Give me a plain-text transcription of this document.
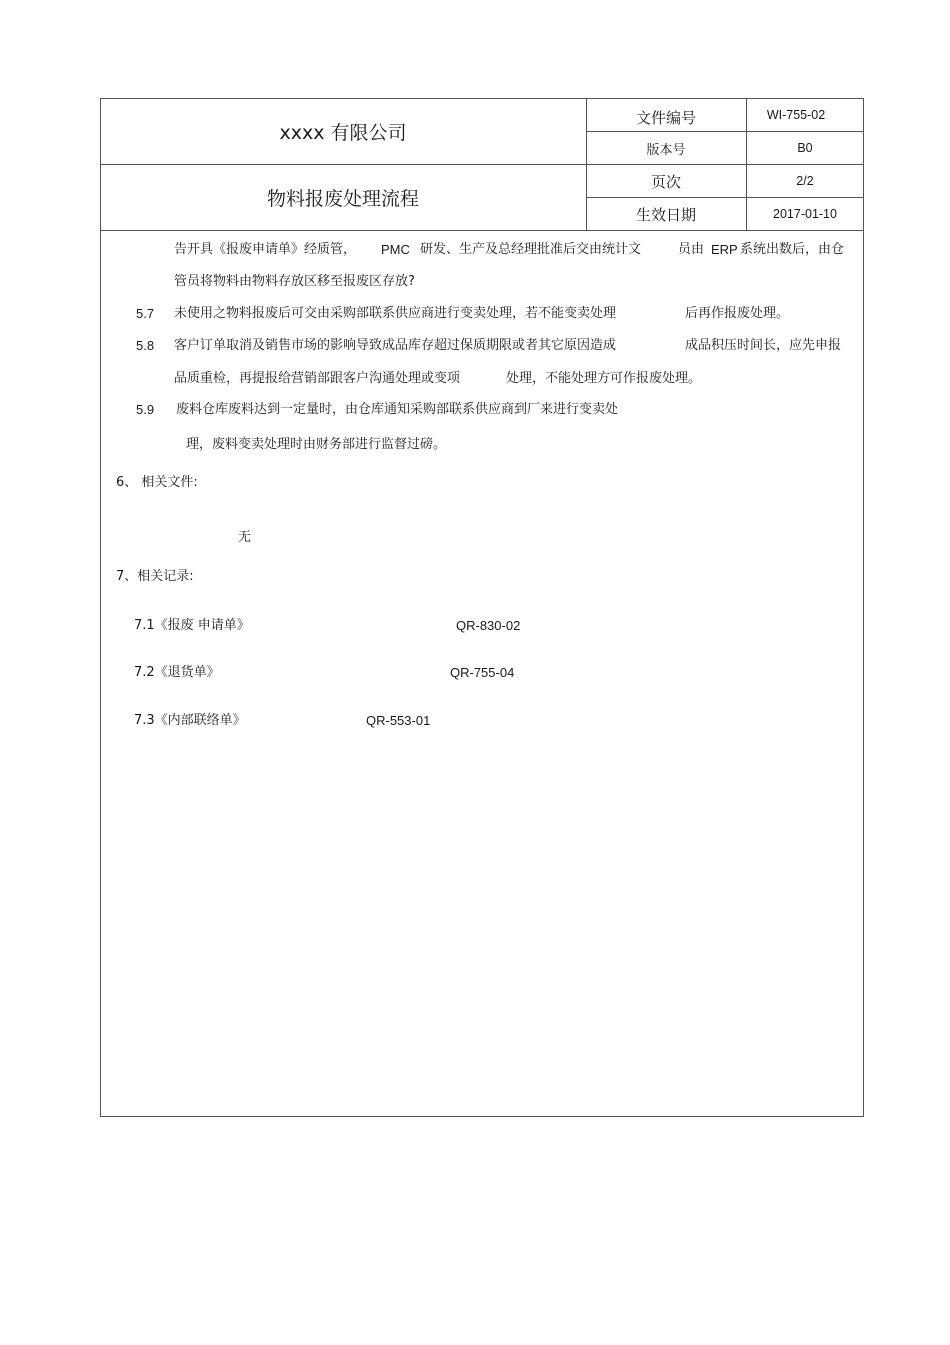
xxxx 有限公司
物料报废处理流程
文件编号	WI-755-02
版本号	B0
页次	2/2
生效日期	2017-01-10
告开具《报废申请单》经质管， PMC 研发、生产及总经理批准后交由统计文	员由 ERP 系统出数后，由仓
管员将物料由物料存放区移至报废区存放?
5.7 未使用之物料报废后可交由采购部联系供应商进行变卖处理，若不能变卖处理	后再作报废处理。
5.8 客户订单取消及销售市场的影响导致成品库存超过保质期限或者其它原因造成	成品积压时间长，应先申报
品质重检，再提报给营销部跟客户沟通处理或变项	处理，不能处理方可作报废处理。
5.9 废料仓库废料达到一定量时，由仓库通知采购部联系供应商到厂来进行变卖处
理，废料变卖处理时由财务部进行监督过磅。
6、 相关文件:
无
7、相关记录:
7.1《报废 申请单》	QR-830-02
7.2《退货单》	QR-755-04
7.3《内部联络单》	QR-553-01
